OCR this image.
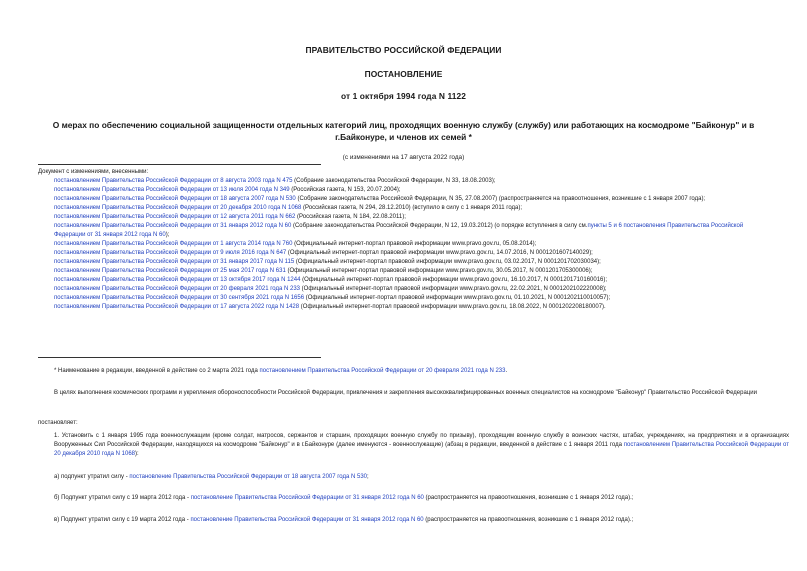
ПРАВИТЕЛЬСТВО РОССИЙСКОЙ ФЕДЕРАЦИИ
ПОСТАНОВЛЕНИЕ
от 1 октября 1994 года N 1122
О мерах по обеспечению социальной защищенности отдельных категорий лиц, проходящих военную службу (службу) или работающих на космодроме "Байконур" и в г.Байконуре, и членов их семей *
(с изменениями на 17 августа 2022 года)
Документ с изменениями, внесенными:
постановлением Правительства Российской Федерации от 8 августа 2003 года N 475 (Собрание законодательства Российской Федерации, N 33, 18.08.2003);
постановлением Правительства Российской Федерации от 13 июля 2004 года N 349 (Российская газета, N 153, 20.07.2004);
постановлением Правительства Российской Федерации от 18 августа 2007 года N 530 (Собрание законодательства Российской Федерации, N 35, 27.08.2007) (распространяется на правоотношения, возникшие с 1 января 2007 года);
постановлением Правительства Российской Федерации от 20 декабря 2010 года N 1068 (Российская газета, N 294, 28.12.2010) (вступило в силу с 1 января 2011 года);
постановлением Правительства Российской Федерации от 12 августа 2011 года N 662 (Российская газета, N 184, 22.08.2011);
постановлением Правительства Российской Федерации от 31 января 2012 года N 60 (Собрание законодательства Российской Федерации, N 12, 19.03.2012) (о порядке вступления в силу см.пункты 5 и 6 постановления Правительства Российской Федерации от 31 января 2012 года N 60);
постановлением Правительства Российской Федерации от 1 августа 2014 года N 760 (Официальный интернет-портал правовой информации www.pravo.gov.ru, 05.08.2014);
постановлением Правительства Российской Федерации от 9 июля 2016 года N 647 (Официальный интернет-портал правовой информации www.pravo.gov.ru, 14.07.2016, N 0001201607140029);
постановлением Правительства Российской Федерации от 31 января 2017 года N 115 (Официальный интернет-портал правовой информации www.pravo.gov.ru, 03.02.2017, N 0001201702030034);
постановлением Правительства Российской Федерации от 25 мая 2017 года N 631 (Официальный интернет-портал правовой информации www.pravo.gov.ru, 30.05.2017, N 0001201705300006);
постановлением Правительства Российской Федерации от 13 октября 2017 года N 1244 (Официальный интернет-портал правовой информации www.pravo.gov.ru, 16.10.2017, N 0001201710160016);
постановлением Правительства Российской Федерации от 20 февраля 2021 года N 233 (Официальный интернет-портал правовой информации www.pravo.gov.ru, 22.02.2021, N 0001202102220008);
постановлением Правительства Российской Федерации от 30 сентября 2021 года N 1656 (Официальный интернет-портал правовой информации www.pravo.gov.ru, 01.10.2021, N 0001202110010057);
постановлением Правительства Российской Федерации от 17 августа 2022 года N 1428 (Официальный интернет-портал правовой информации www.pravo.gov.ru, 18.08.2022, N 0001202208180007).
* Наименование в редакции, введенной в действие со 2 марта 2021 года постановлением Правительства Российской Федерации от 20 февраля 2021 года N 233.
В целях выполнения космических программ и укрепления обороноспособности Российской Федерации, привлечения и закрепления высококвалифицированных военных специалистов на космодроме "Байконур" Правительство Российской Федерации
постановляет:
1. Установить с 1 января 1995 года военнослужащим (кроме солдат, матросов, сержантов и старшин, проходящих военную службу по призыву), проходящим военную службу в воинских частях, штабах, учреждениях, на предприятиях и в организациях Вооруженных Сил Российской Федерации, находящихся на космодроме "Байконур" и в г.Байконуре (далее именуются - военнослужащие) (абзац в редакции, введенной в действие с 1 января 2011 года постановлением Правительства Российской Федерации от 20 декабря 2010 года N 1068):
а) подпункт утратил силу - постановление Правительства Российской Федерации от 18 августа 2007 года N 530;
б) Подпункт утратил силу с 19 марта 2012 года - постановление Правительства Российской Федерации от 31 января 2012 года N 60 (распространяется на правоотношения, возникшие с 1 января 2012 года).;
в) Подпункт утратил силу с 19 марта 2012 года - постановление Правительства Российской Федерации от 31 января 2012 года N 60 (распространяется на правоотношения, возникшие с 1 января 2012 года).;
